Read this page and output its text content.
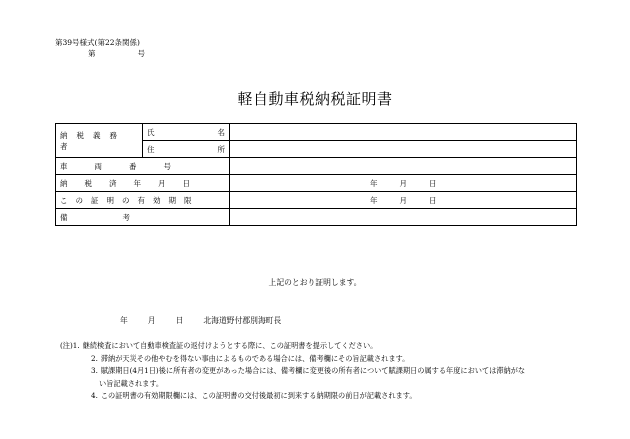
第39号様式(第22条関係)
第	号
軽自動車税納税証明書
納税義務者	氏 名	

	住 所	

車両番号		
納税済年月日		年 月 日
この証明の有効期限		年 月 日
備考		
上記のとおり証明します。
年	月	日	北海道野付郡別海町長
(注) 1. 継続検査において自動車検査証の返付けようとする際に、この証明書を提示してください。
2. 滞納が天災その他やむを得ない事由によるものである場合には、備考欄にその旨記載されます。
3. 賦課期日(4月1日)後に所有者の変更があった場合には、備考欄に変更後の所有者について賦課期日の属する年度においては滞納がな
い旨記載されます。
4. この証明書の有効期限欄には、この証明書の交付後最初に到来する納期限の前日が記載されます。
